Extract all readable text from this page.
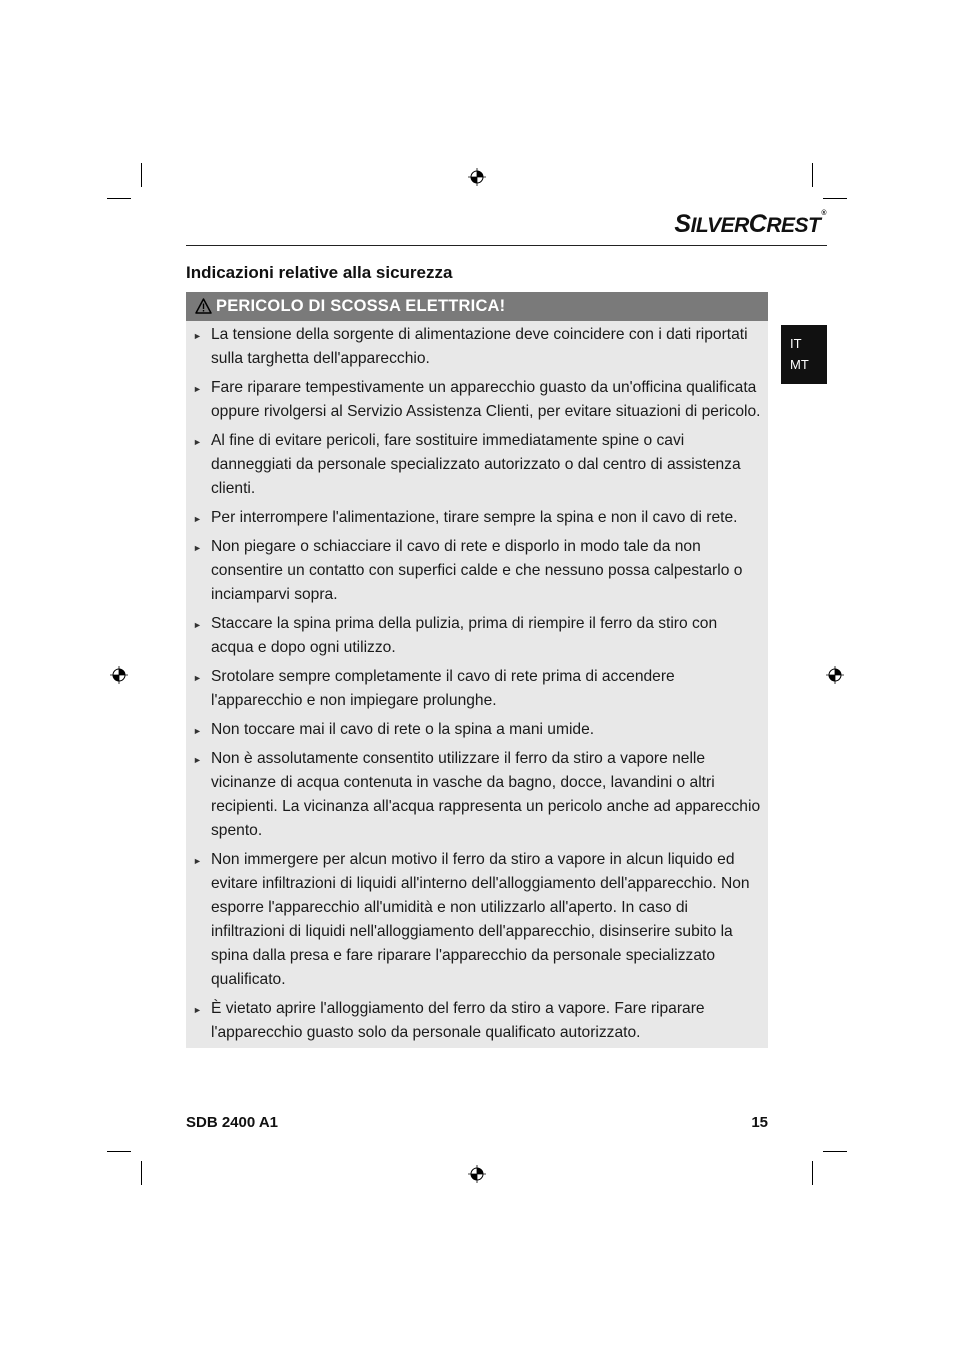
SILVERCREST®
Indicazioni relative alla sicurezza
IT
MT
PERICOLO DI SCOSSA ELETTRICA!
► La tensione della sorgente di alimentazione deve coincidere con i dati riportati sulla targhetta dell'apparecchio.
► Fare riparare tempestivamente un apparecchio guasto da un'officina qualificata oppure rivolgersi al Servizio Assistenza Clienti, per evitare situazioni di pericolo.
► Al fine di evitare pericoli, fare sostituire immediatamente spine o cavi danneggiati da personale specializzato autorizzato o dal centro di assistenza clienti.
► Per interrompere l'alimentazione, tirare sempre la spina e non il cavo di rete.
► Non piegare o schiacciare il cavo di rete e disporlo in modo tale da non consentire un contatto con superfici calde e che nessuno possa calpestarlo o inciamparvi sopra.
► Staccare la spina prima della pulizia, prima di riempire il ferro da stiro con acqua e dopo ogni utilizzo.
► Srotolare sempre completamente il cavo di rete prima di accendere l'apparecchio e non impiegare prolunghe.
► Non toccare mai il cavo di rete o la spina a mani umide.
► Non è assolutamente consentito utilizzare il ferro da stiro a vapore nelle vicinanze di acqua contenuta in vasche da bagno, docce, lavandini o altri recipienti. La vicinanza all'acqua rappresenta un pericolo anche ad apparecchio spento.
► Non immergere per alcun motivo il ferro da stiro a vapore in alcun liquido ed evitare infiltrazioni di liquidi all'interno dell'alloggiamento dell'apparecchio. Non esporre l'apparecchio all'umidità e non utilizzarlo all'aperto. In caso di infiltrazioni di liquidi nell'alloggiamento dell'apparecchio, disinserire subito la spina dalla presa e fare riparare l'apparecchio da personale specializzato qualificato.
► È vietato aprire l'alloggiamento del ferro da stiro a vapore. Fare riparare l'apparecchio guasto solo da personale qualificato autorizzato.
SDB 2400 A1	15
